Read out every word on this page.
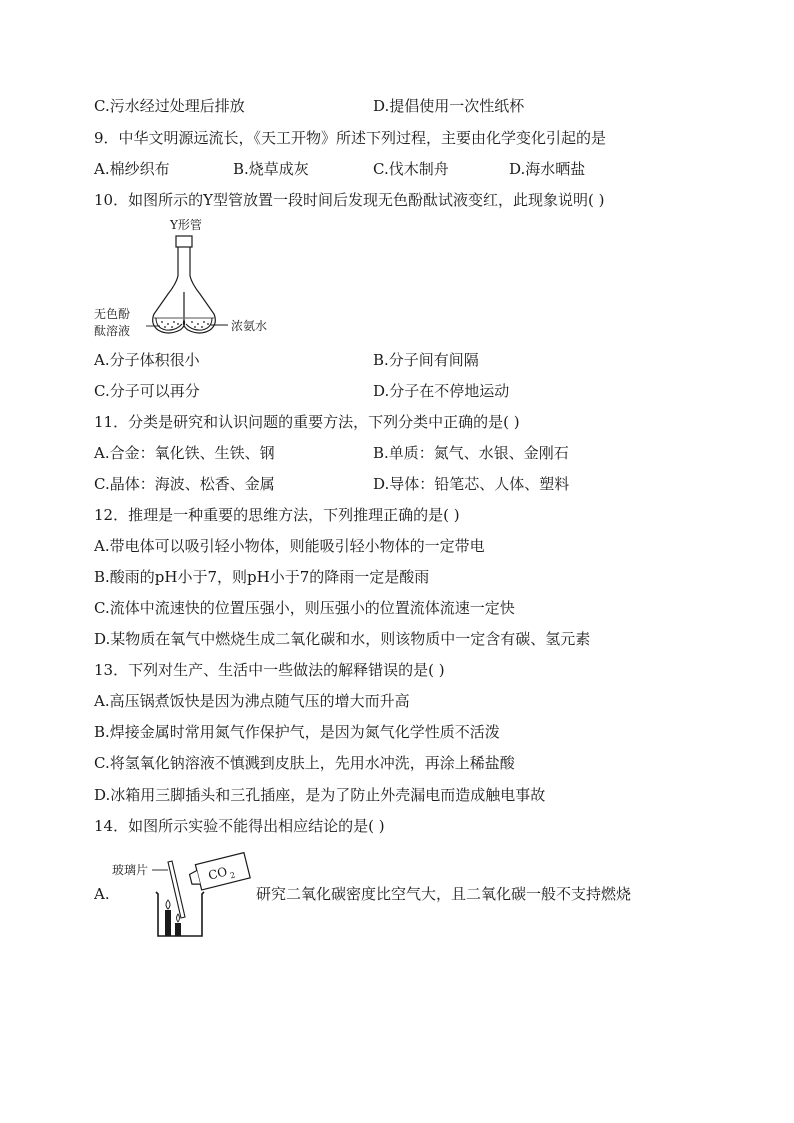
C.污水经过处理后排放	D.提倡使用一次性纸杯
9．中华文明源远流长，《天工开物》所述下列过程，主要由化学变化引起的是
A.棉纱织布	B.烧草成灰	C.伐木制舟	D.海水晒盐
10．如图所示的Y型管放置一段时间后发现无色酚酞试液变红，此现象说明( )
Y形管
无色酚
酞溶液	浓氨水
A.分子体积很小	B.分子间有间隔
C.分子可以再分	D.分子在不停地运动
11．分类是研究和认识问题的重要方法，下列分类中正确的是( )
A.合金：氧化铁、生铁、钢	B.单质：氮气、水银、金刚石
C.晶体：海波、松香、金属	D.导体：铅笔芯、人体、塑料
12．推理是一种重要的思维方法，下列推理正确的是( )
A.带电体可以吸引轻小物体，则能吸引轻小物体的一定带电
B.酸雨的pH小于7，则pH小于7的降雨一定是酸雨
C.流体中流速快的位置压强小，则压强小的位置流体流速一定快
D.某物质在氧气中燃烧生成二氧化碳和水，则该物质中一定含有碳、氢元素
13．下列对生产、生活中一些做法的解释错误的是( )
A.高压锅煮饭快是因为沸点随气压的增大而升高
B.焊接金属时常用氮气作保护气，是因为氮气化学性质不活泼
C.将氢氧化钠溶液不慎溅到皮肤上，先用水冲洗，再涂上稀盐酸
D.冰箱用三脚插头和三孔插座，是为了防止外壳漏电而造成触电事故
14．如图所示实验不能得出相应结论的是( )
A.
玻璃片	CO 2
研究二氧化碳密度比空气大，且二氧化碳一般不支持燃烧
